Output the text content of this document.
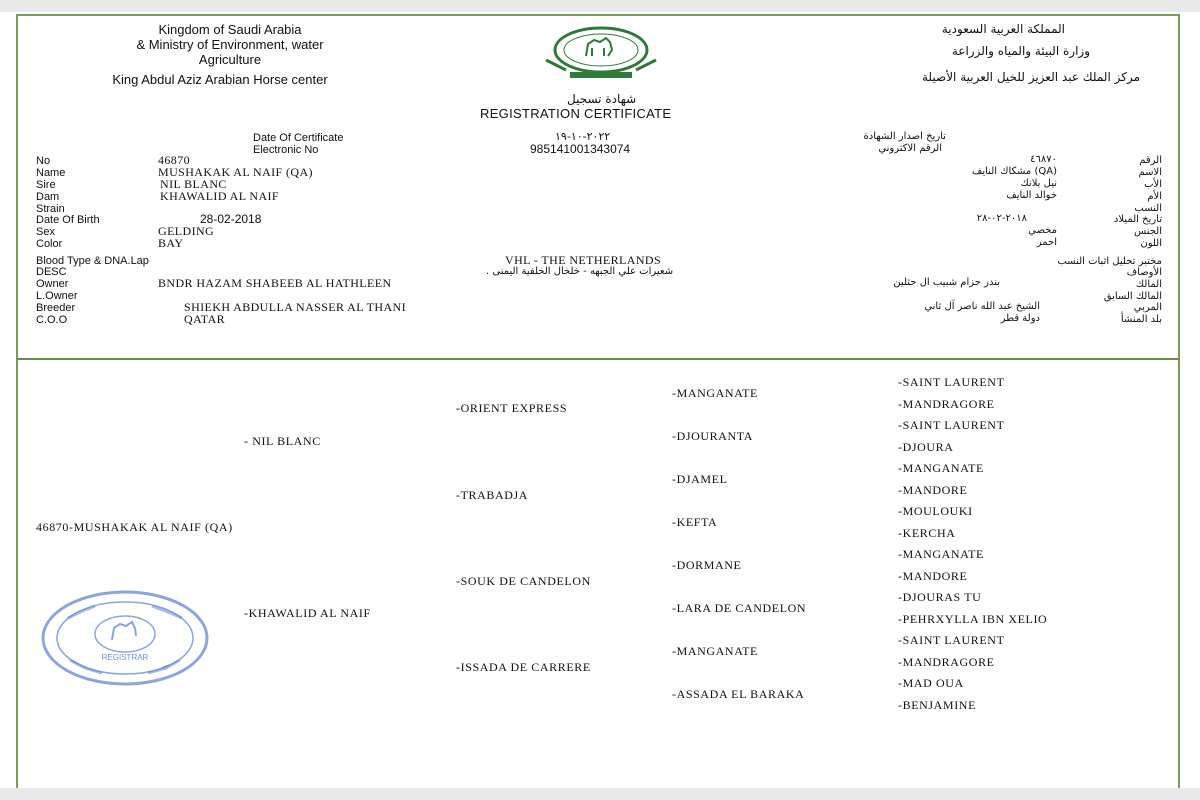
Kingdom of Saudi Arabia
& Ministry of Environment, water
Agriculture
King Abdul Aziz Arabian Horse center
المملكة العربية السعودية
وزارة البيئة والمياه والزراعة
مركز الملك عبد العزيز للخيل العربية الأصيلة
شهادة تسجيل
REGISTRATION CERTIFICATE
Date Of Certificate	٢٠٢٢-١٠-١٩	تاريخ اصدار الشهادة
Electronic No	985141001343074	الرقم الاكتروني
No	46870	٤٦٨٧٠	الرقم
Name	MUSHAKAK AL NAIF (QA)	(QA) مشكاك النايف	الاسم
Sire	NIL BLANC	نيل بلانك	الأب
Dam	KHAWALID AL NAIF	خوالد النايف	الأم
Strain	النسب
Date Of Birth	28-02-2018	٢٠١٨-٠٢-٢٨	تاريخ الميلاد
Sex	GELDING	مخصي	الجنس
Color	BAY	احمر	اللون
Blood Type & DNA.Lap	VHL - THE NETHERLANDS	مختبر تحليل اثبات النسب
DESC	شعيرات علي الجبهه - خلخال الخلفية اليمنى .	الأوصاف
Owner	BNDR HAZAM SHABEEB AL HATHLEEN	بندر حزام شبيب ال حثلين	المالك
L.Owner	المالك السابق
Breeder	SHIEKH ABDULLA NASSER AL THANI	الشيخ عبد الله ناصر آل ثاني	المربي
C.O.O	QATAR	دولة قطر	بلد المنشأ
46870-MUSHAKAK AL NAIF (QA)
- NIL BLANC
-KHAWALID AL NAIF
-ORIENT EXPRESS
-TRABADJA
-SOUK DE CANDELON
-ISSADA DE CARRERE
-MANGANATE
-DJOURANTA
-DJAMEL
-KEFTA
-DORMANE
-LARA DE CANDELON
-MANGANATE
-ASSADA EL BARAKA
-SAINT LAURENT
-MANDRAGORE
-SAINT LAURENT
-DJOURA
-MANGANATE
-MANDORE
-MOULOUKI
-KERCHA
-MANGANATE
-MANDORE
-DJOURAS TU
-PEHRXYLLA IBN XELIO
-SAINT LAURENT
-MANDRAGORE
-MAD OUA
-BENJAMINE
REGISTRAR
